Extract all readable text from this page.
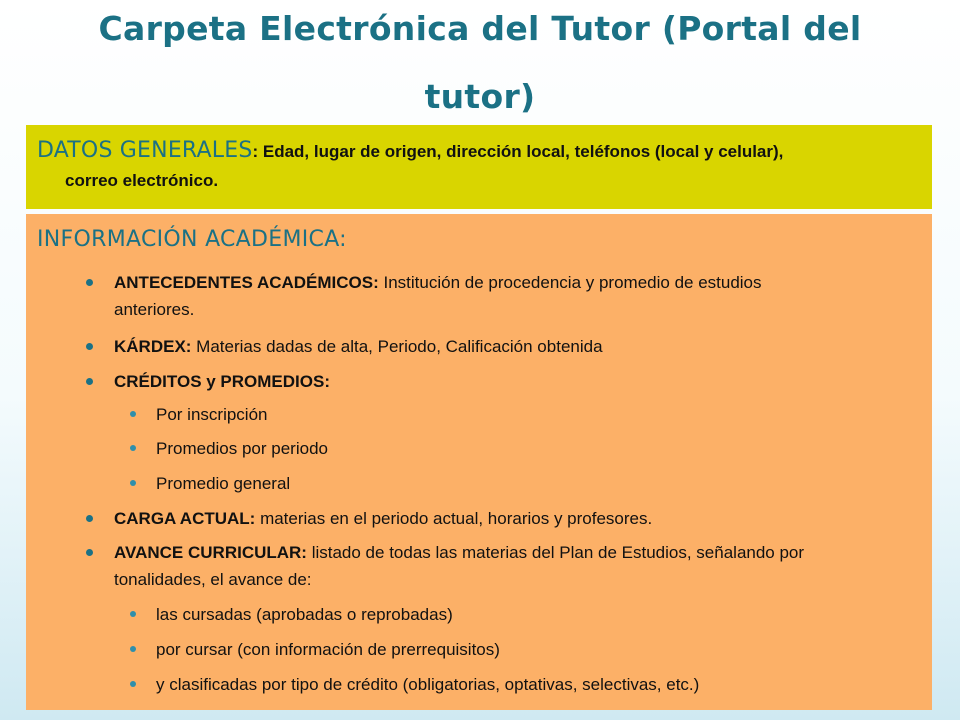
Carpeta Electrónica del Tutor (Portal del
tutor)
DATOS GENERALES: Edad, lugar de origen, dirección local, teléfonos (local y celular),
correo electrónico.
INFORMACIÓN ACADÉMICA:
ANTECEDENTES ACADÉMICOS: Institución de procedencia y promedio de estudios
anteriores.
KÁRDEX: Materias dadas de alta, Periodo, Calificación obtenida
CRÉDITOS y PROMEDIOS:
Por inscripción
Promedios por periodo
Promedio general
CARGA ACTUAL: materias en el periodo actual, horarios y profesores.
AVANCE CURRICULAR: listado de todas las materias del Plan de Estudios, señalando por
tonalidades, el avance de:
las cursadas (aprobadas o reprobadas)
por cursar (con información de prerrequisitos)
y clasificadas por tipo de crédito (obligatorias, optativas, selectivas, etc.)
